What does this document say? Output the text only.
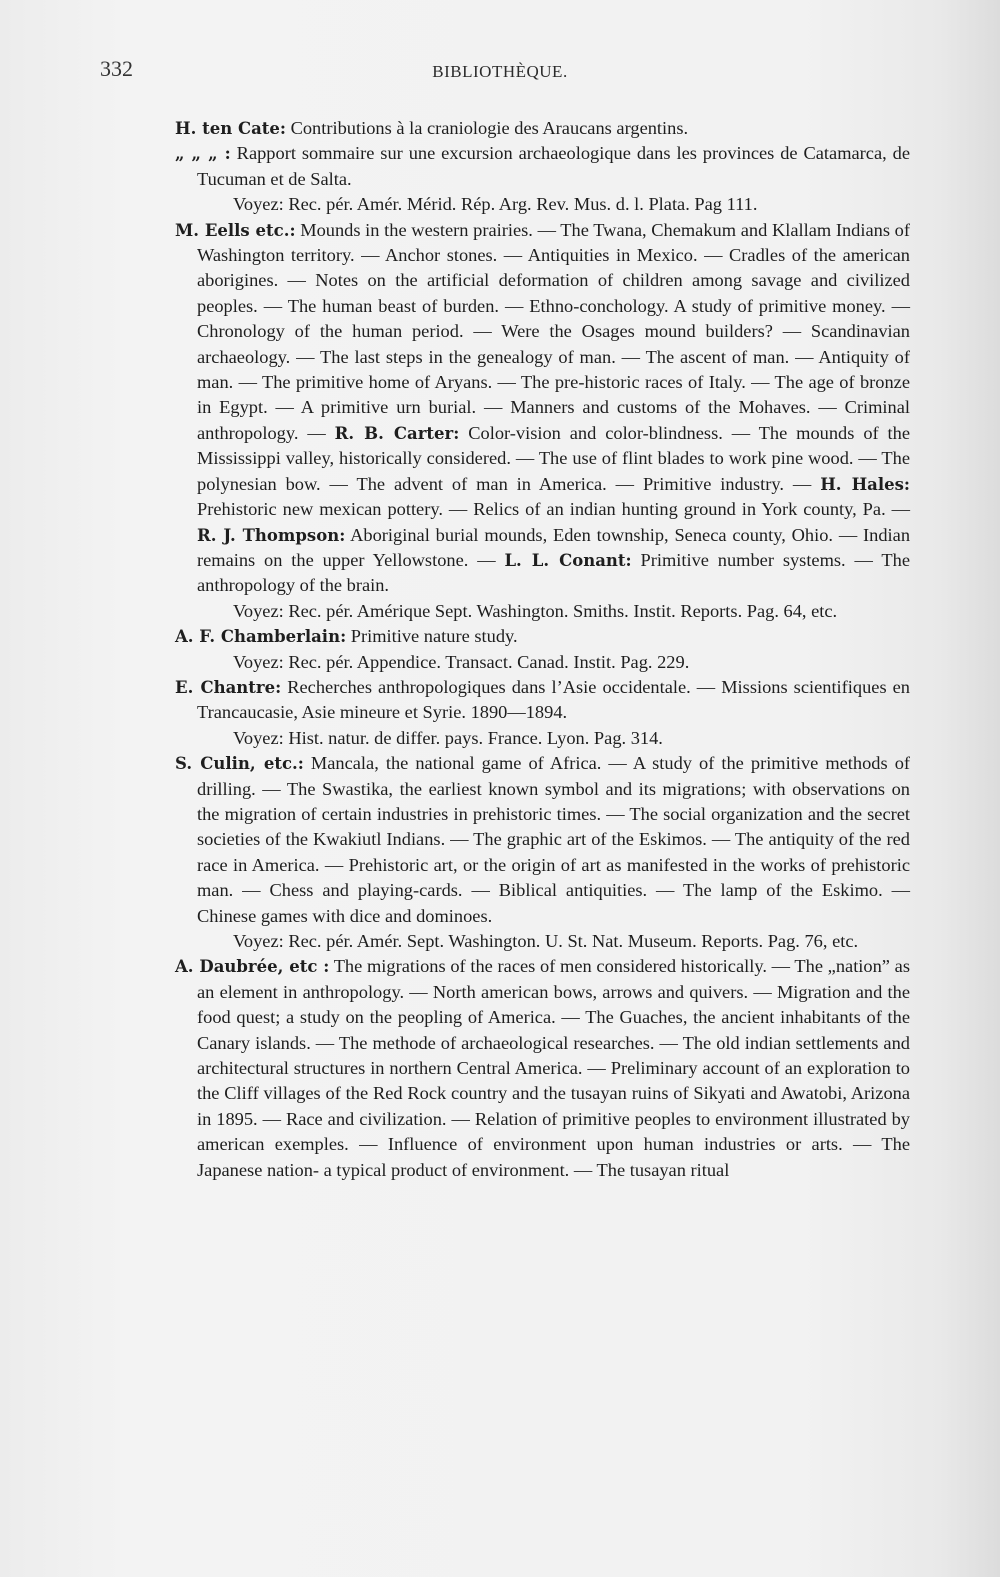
332	BIBLIOTHÈQUE.
H. ten Cate: Contributions à la craniologie des Araucans argentins.
„ „ „ : Rapport sommaire sur une excursion archaeologique dans les provinces de Catamarca, de Tucuman et de Salta.
Voyez: Rec. pér. Amér. Mérid. Rép. Arg. Rev. Mus. d. l. Plata. Pag 111.
M. Eells etc.: Mounds in the western prairies. — The Twana, Chemakum and Klallam Indians of Washington territory. — Anchor stones. — Antiquities in Mexico. — Cradles of the american aborigines. — Notes on the artificial deformation of children among savage and civilized peoples. — The human beast of burden. — Ethno-conchology. A study of primitive money. — Chronology of the human period. — Were the Osages mound builders? — Scandinavian archaeology. — The last steps in the genealogy of man. — The ascent of man. — Antiquity of man. — The primitive home of Aryans. — The pre-historic races of Italy. — The age of bronze in Egypt. — A primitive urn burial. — Manners and customs of the Mohaves. — Criminal anthropology. — R. B. Carter: Color-vision and color-blindness. — The mounds of the Mississippi valley, historically considered. — The use of flint blades to work pine wood. — The polynesian bow. — The advent of man in America. — Primitive industry. — H. Hales: Prehistoric new mexican pottery. — Relics of an indian hunting ground in York county, Pa. — R. J. Thompson: Aboriginal burial mounds, Eden township, Seneca county, Ohio. — Indian remains on the upper Yellowstone. — L. L. Conant: Primitive number systems. — The anthropology of the brain.
Voyez: Rec. pér. Amérique Sept. Washington. Smiths. Instit. Reports. Pag. 64, etc.
A. F. Chamberlain: Primitive nature study.
Voyez: Rec. pér. Appendice. Transact. Canad. Instit. Pag. 229.
E. Chantre: Recherches anthropologiques dans l’Asie occidentale. — Missions scientifiques en Trancaucasie, Asie mineure et Syrie. 1890—1894.
Voyez: Hist. natur. de differ. pays. France. Lyon. Pag. 314.
S. Culin, etc.: Mancala, the national game of Africa. — A study of the primitive methods of drilling. — The Swastika, the earliest known symbol and its migrations; with observations on the migration of certain industries in prehistoric times. — The social organization and the secret societies of the Kwakiutl Indians. — The graphic art of the Eskimos. — The antiquity of the red race in America. — Prehistoric art, or the origin of art as manifested in the works of prehistoric man. — Chess and playing-cards. — Biblical antiquities. — The lamp of the Eskimo. — Chinese games with dice and dominoes.
Voyez: Rec. pér. Amér. Sept. Washington. U. St. Nat. Museum. Reports. Pag. 76, etc.
A. Daubrée, etc : The migrations of the races of men considered historically. — The „nation” as an element in anthropology. — North american bows, arrows and quivers. — Migration and the food quest; a study on the peopling of America. — The Guaches, the ancient inhabitants of the Canary islands. — The methode of archaeological researches. — The old indian settlements and architectural structures in northern Central America. — Preliminary account of an exploration to the Cliff villages of the Red Rock country and the tusayan ruins of Sikyati and Awatobi, Arizona in 1895. — Race and civilization. — Relation of primitive peoples to environment illustrated by american exemples. — Influence of environment upon human industries or arts. — The Japanese nation- a typical product of environment. — The tusayan ritual
